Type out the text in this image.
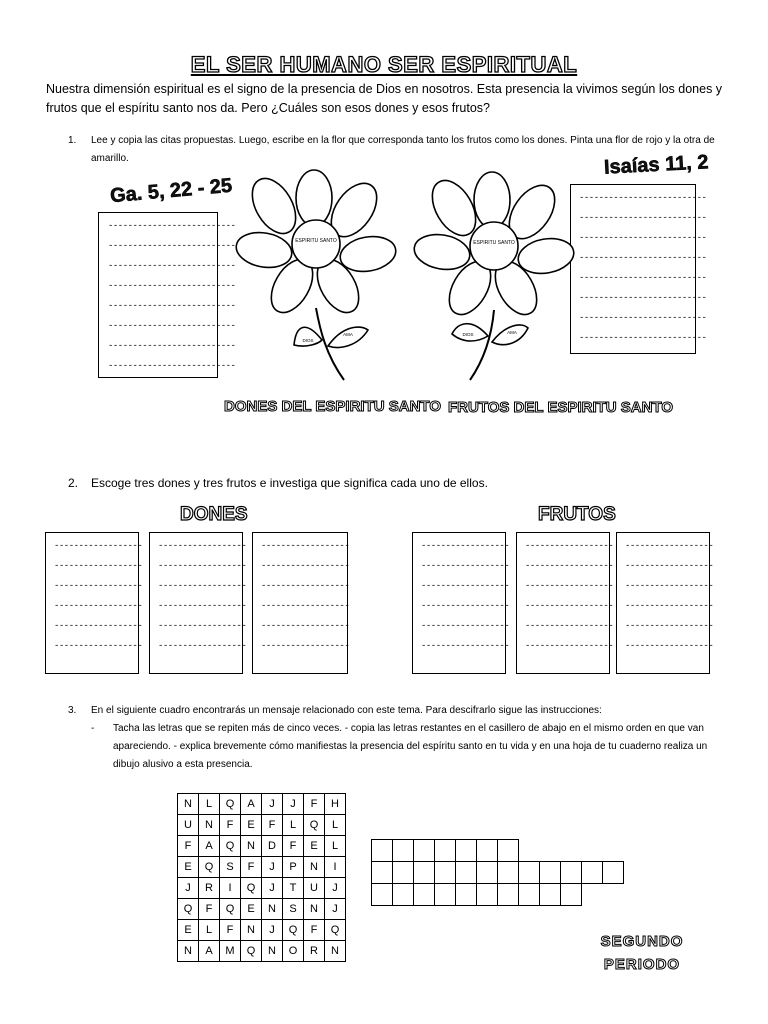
EL SER HUMANO SER ESPIRITUAL
Nuestra dimensión espiritual es el signo de la presencia de Dios en nosotros. Esta presencia la vivimos según los dones y frutos que el espíritu santo nos da. Pero ¿Cuáles son esos dones y esos frutos?
1. Lee y copia las citas propuestas. Luego, escribe en la flor que corresponda tanto los frutos como los dones. Pinta una flor de rojo y la otra de amarillo.
Ga. 5, 22 - 25
Isaías 11, 2
--------------------------
--------------------------
--------------------------
--------------------------
--------------------------
--------------------------
--------------------------
--------------------------
--------------------------
--------------------------
--------------------------
--------------------------
--------------------------
--------------------------
--------------------------
--------------------------
ESPIRITU SANTO
DIOS
AMA
ESPIRITU SANTO
DIOS	AMA
DONES DEL ESPIRITU SANTO FRUTOS DEL ESPIRITU SANTO
2. Escoge tres dones y tres frutos e investiga que significa cada uno de ellos.
DONES	FRUTOS
------------------
------------------
------------------
------------------
------------------
------------------
------------------
------------------
------------------
------------------
------------------
------------------
------------------
------------------
------------------
------------------
------------------
------------------
------------------
------------------
------------------
------------------
------------------
------------------
------------------
------------------
------------------
------------------
------------------
------------------
------------------
------------------
------------------
------------------
------------------
------------------
3. En el siguiente cuadro encontrarás un mensaje relacionado con este tema. Para descifrarlo sigue las instrucciones:
- Tacha las letras que se repiten más de cinco veces. - copia las letras restantes en el casillero de abajo en el mismo orden en que van apareciendo. - explica brevemente cómo manifiestas la presencia del espíritu santo en tu vida y en una hoja de tu cuaderno realiza un dibujo alusivo a esta presencia.
N	L	Q	A	J	J	F	H
U	N	F	E	F	L	Q	L
F	A	Q	N	D	F	E	L
E	Q	S	F	J	P	N	I
J	R	I	Q	J	T	U	J
Q	F	Q	E	N	S	N	J
E	L	F	N	J	Q	F	Q
N	A	M	Q	N	O	R	N

SEGUNDO
PERIODO
